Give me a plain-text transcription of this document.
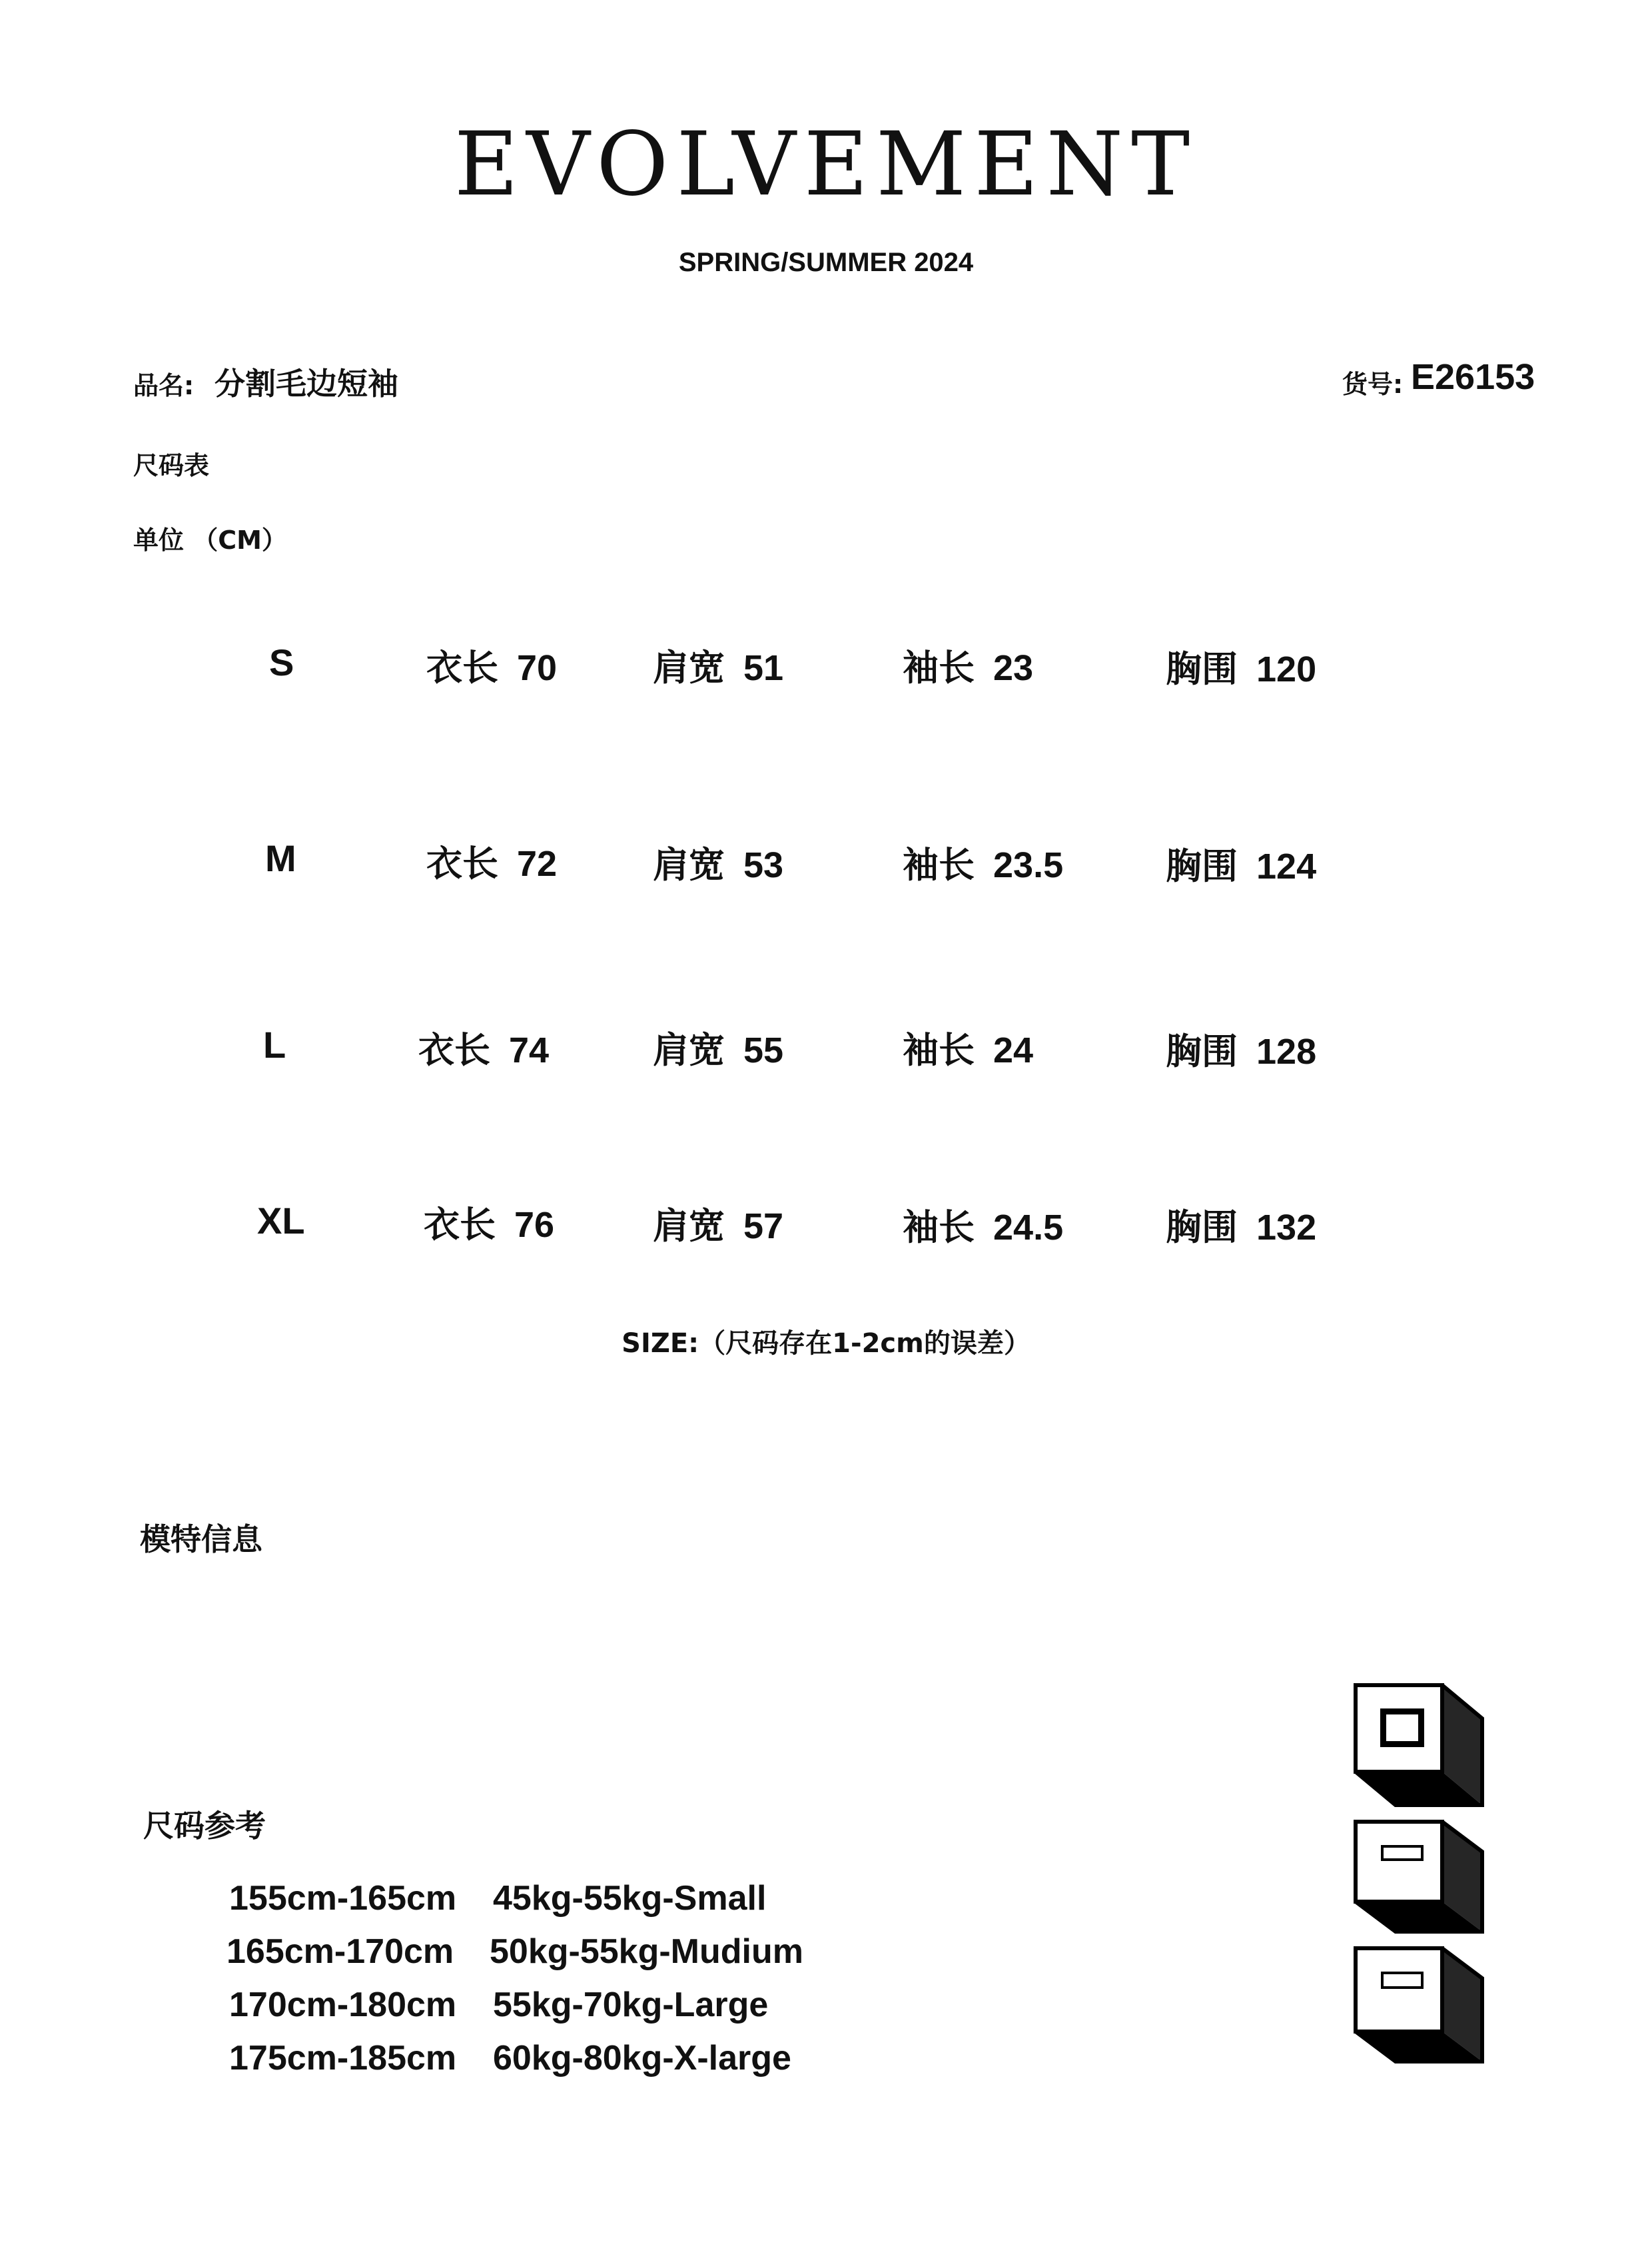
EVOLVEMENT
SPRING/SUMMER 2024
品名: 分割毛边短袖	货号: E26153
尺码表
单位 （CM）
S	衣长 70	肩宽 51	袖长 23	胸围 120
M	衣长 72	肩宽 53	袖长 23.5	胸围 124
L	衣长 74	肩宽 55	袖长 24	胸围 128
XL	衣长 76	肩宽 57	袖长 24.5	胸围 132
SIZE:（尺码存在1-2cm的误差）
模特信息
尺码参考
155cm-165cm 45kg-55kg-Small
165cm-170cm 50kg-55kg-Mudium
170cm-180cm 55kg-70kg-Large
175cm-185cm 60kg-80kg-X-large
